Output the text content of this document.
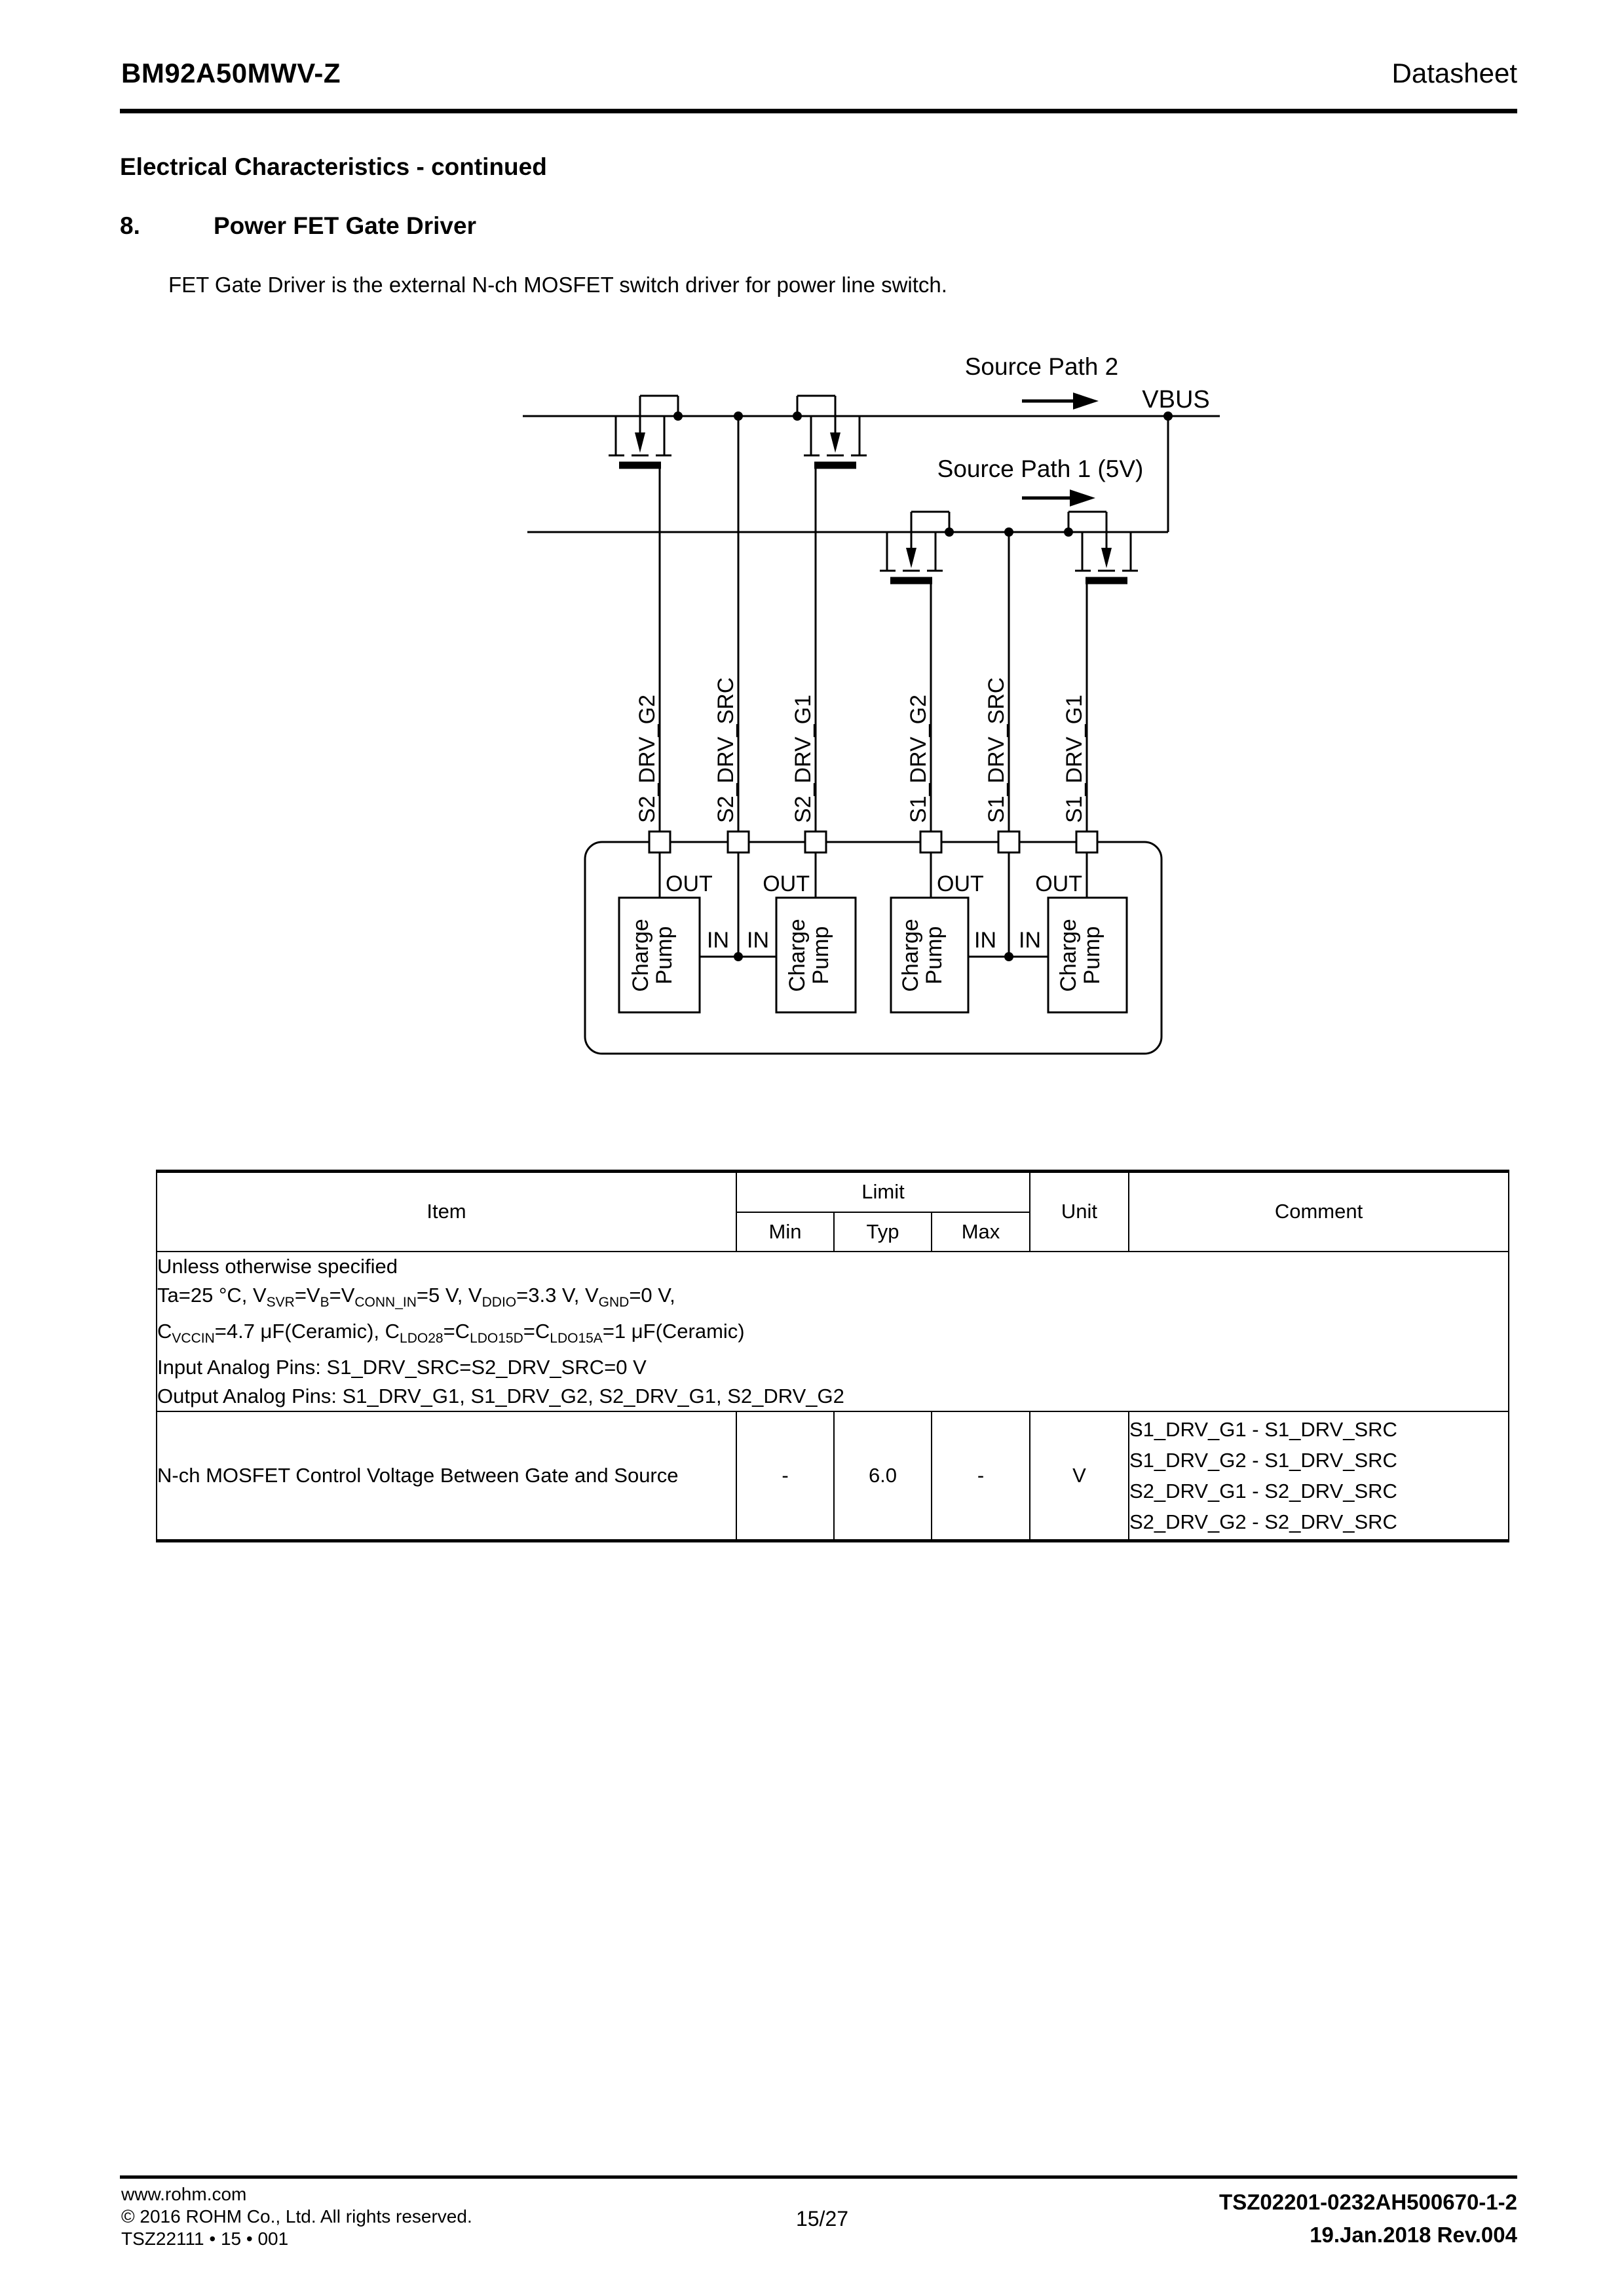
BM92A50MWV-Z	Datasheet
Electrical Characteristics - continued
8.	Power FET Gate Driver
FET Gate Driver is the external N-ch MOSFET switch driver for power line switch.
Source Path 2
VBUS
Source Path 1 (5V)
S2_DRV_G2 S2_DRV_SRC S2_DRV_G1	S1_DRV_G2 S1_DRV_SRC S1_DRV_G1
OUT OUT	OUT OUT
IN IN	IN IN
Charge
Pump	Charge
Pump	Charge
Pump	Charge
Pump
Item	Limit			Unit	Comment
	Min	Typ	Max		

Unless otherwise specified
Ta=25 °C, $V_{SVR}=V_B=V_{CONN\_IN}=5$ V, $V_{DDIO}=3.3$ V, $V_{GND}=0$ V,
$C_{VCCIN}=4.7$ μF(Ceramic), $C_{LDO28}=C_{LDO15D}=C_{LDO15A}=1$ μF(Ceramic)
Input Analog Pins: S1_DRV_SRC=S2_DRV_SRC=0 V
Output Analog Pins: S1_DRV_G1, S1_DRV_G2, S2_DRV_G1, S2_DRV_G2					

N-ch MOSFET Control Voltage Between Gate and Source	-	6.0	-	V	S1_DRV_G1 - S1_DRV_SRC
S1_DRV_G2 - S1_DRV_SRC
S2_DRV_G1 - S2_DRV_SRC
S2_DRV_G2 - S2_DRV_SRC
www.rohm.com
© 2016 ROHM Co., Ltd. All rights reserved.
TSZ22111 • 15 • 001
15/27
TSZ02201-0232AH500670-1-2
19.Jan.2018 Rev.004
